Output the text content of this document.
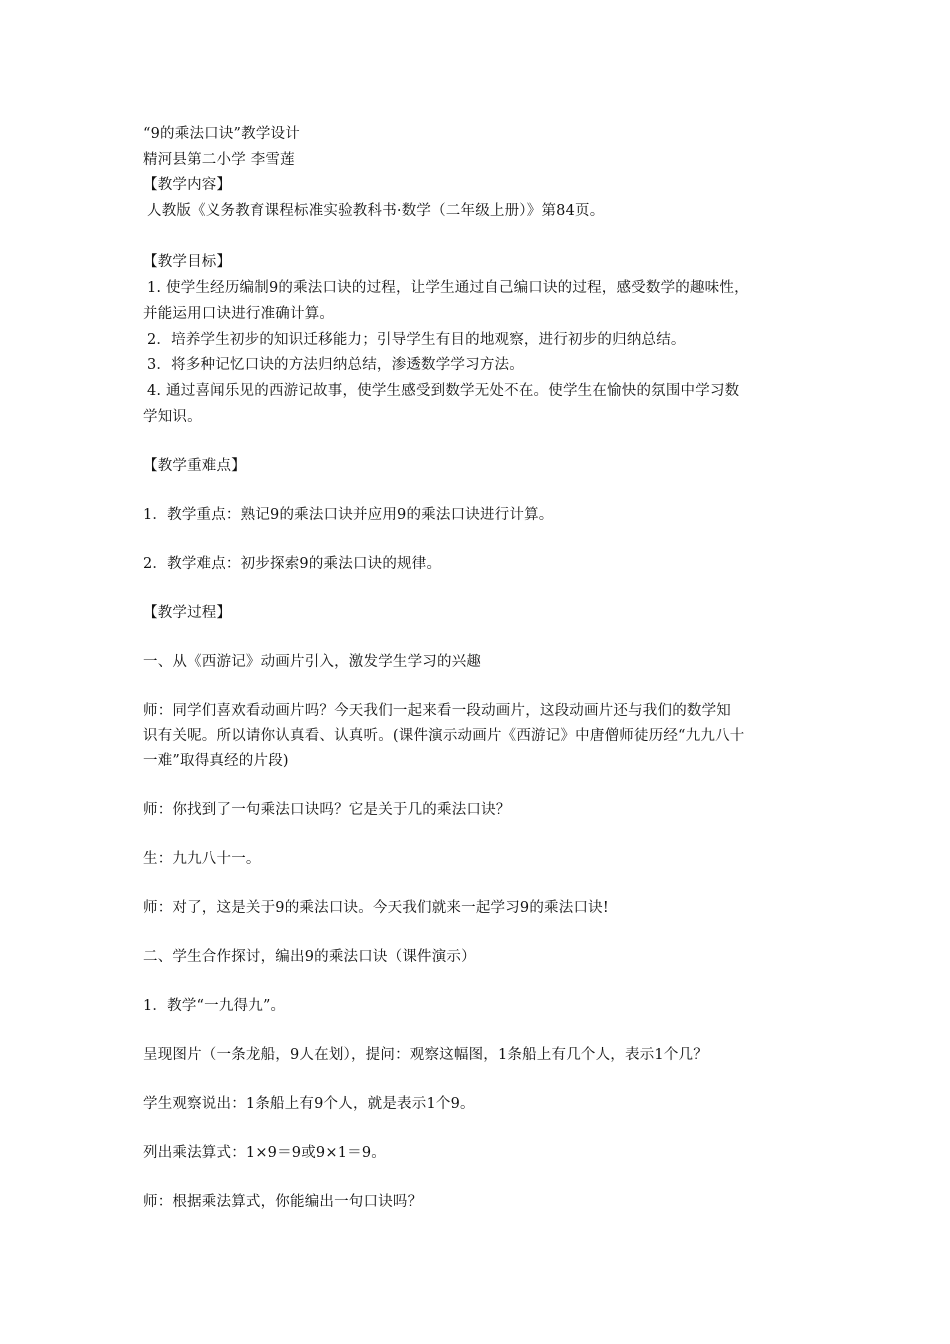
“9的乘法口诀”教学设计
精河县第二小学 李雪莲
【教学内容】
人教版《义务教育课程标准实验教科书·数学（二年级上册）》第84页。
【教学目标】
1. 使学生经历编制9的乘法口诀的过程，让学生通过自己编口诀的过程，感受数学的趣味性，
并能运用口诀进行准确计算。
2．培养学生初步的知识迁移能力；引导学生有目的地观察，进行初步的归纳总结。
3．将多种记忆口诀的方法归纳总结，渗透数学学习方法。
4. 通过喜闻乐见的西游记故事，使学生感受到数学无处不在。使学生在愉快的氛围中学习数
学知识。
【教学重难点】
1．教学重点：熟记9的乘法口诀并应用9的乘法口诀进行计算。
2．教学难点：初步探索9的乘法口诀的规律。
【教学过程】
一、从《西游记》动画片引入，激发学生学习的兴趣
师：同学们喜欢看动画片吗？今天我们一起来看一段动画片，这段动画片还与我们的数学知
识有关呢。所以请你认真看、认真听。(课件演示动画片《西游记》中唐僧师徒历经“九九八十
一难”取得真经的片段)
师：你找到了一句乘法口诀吗？它是关于几的乘法口诀？
生：九九八十一。
师：对了，这是关于9的乘法口诀。今天我们就来一起学习9的乘法口诀!
二、学生合作探讨，编出9的乘法口诀（课件演示）
1．教学“一九得九”。
呈现图片（一条龙船，9人在划），提问：观察这幅图，1条船上有几个人，表示1个几？
学生观察说出：1条船上有9个人，就是表示1个9。
列出乘法算式：1×9＝9或9×1＝9。
师：根据乘法算式，你能编出一句口诀吗？
